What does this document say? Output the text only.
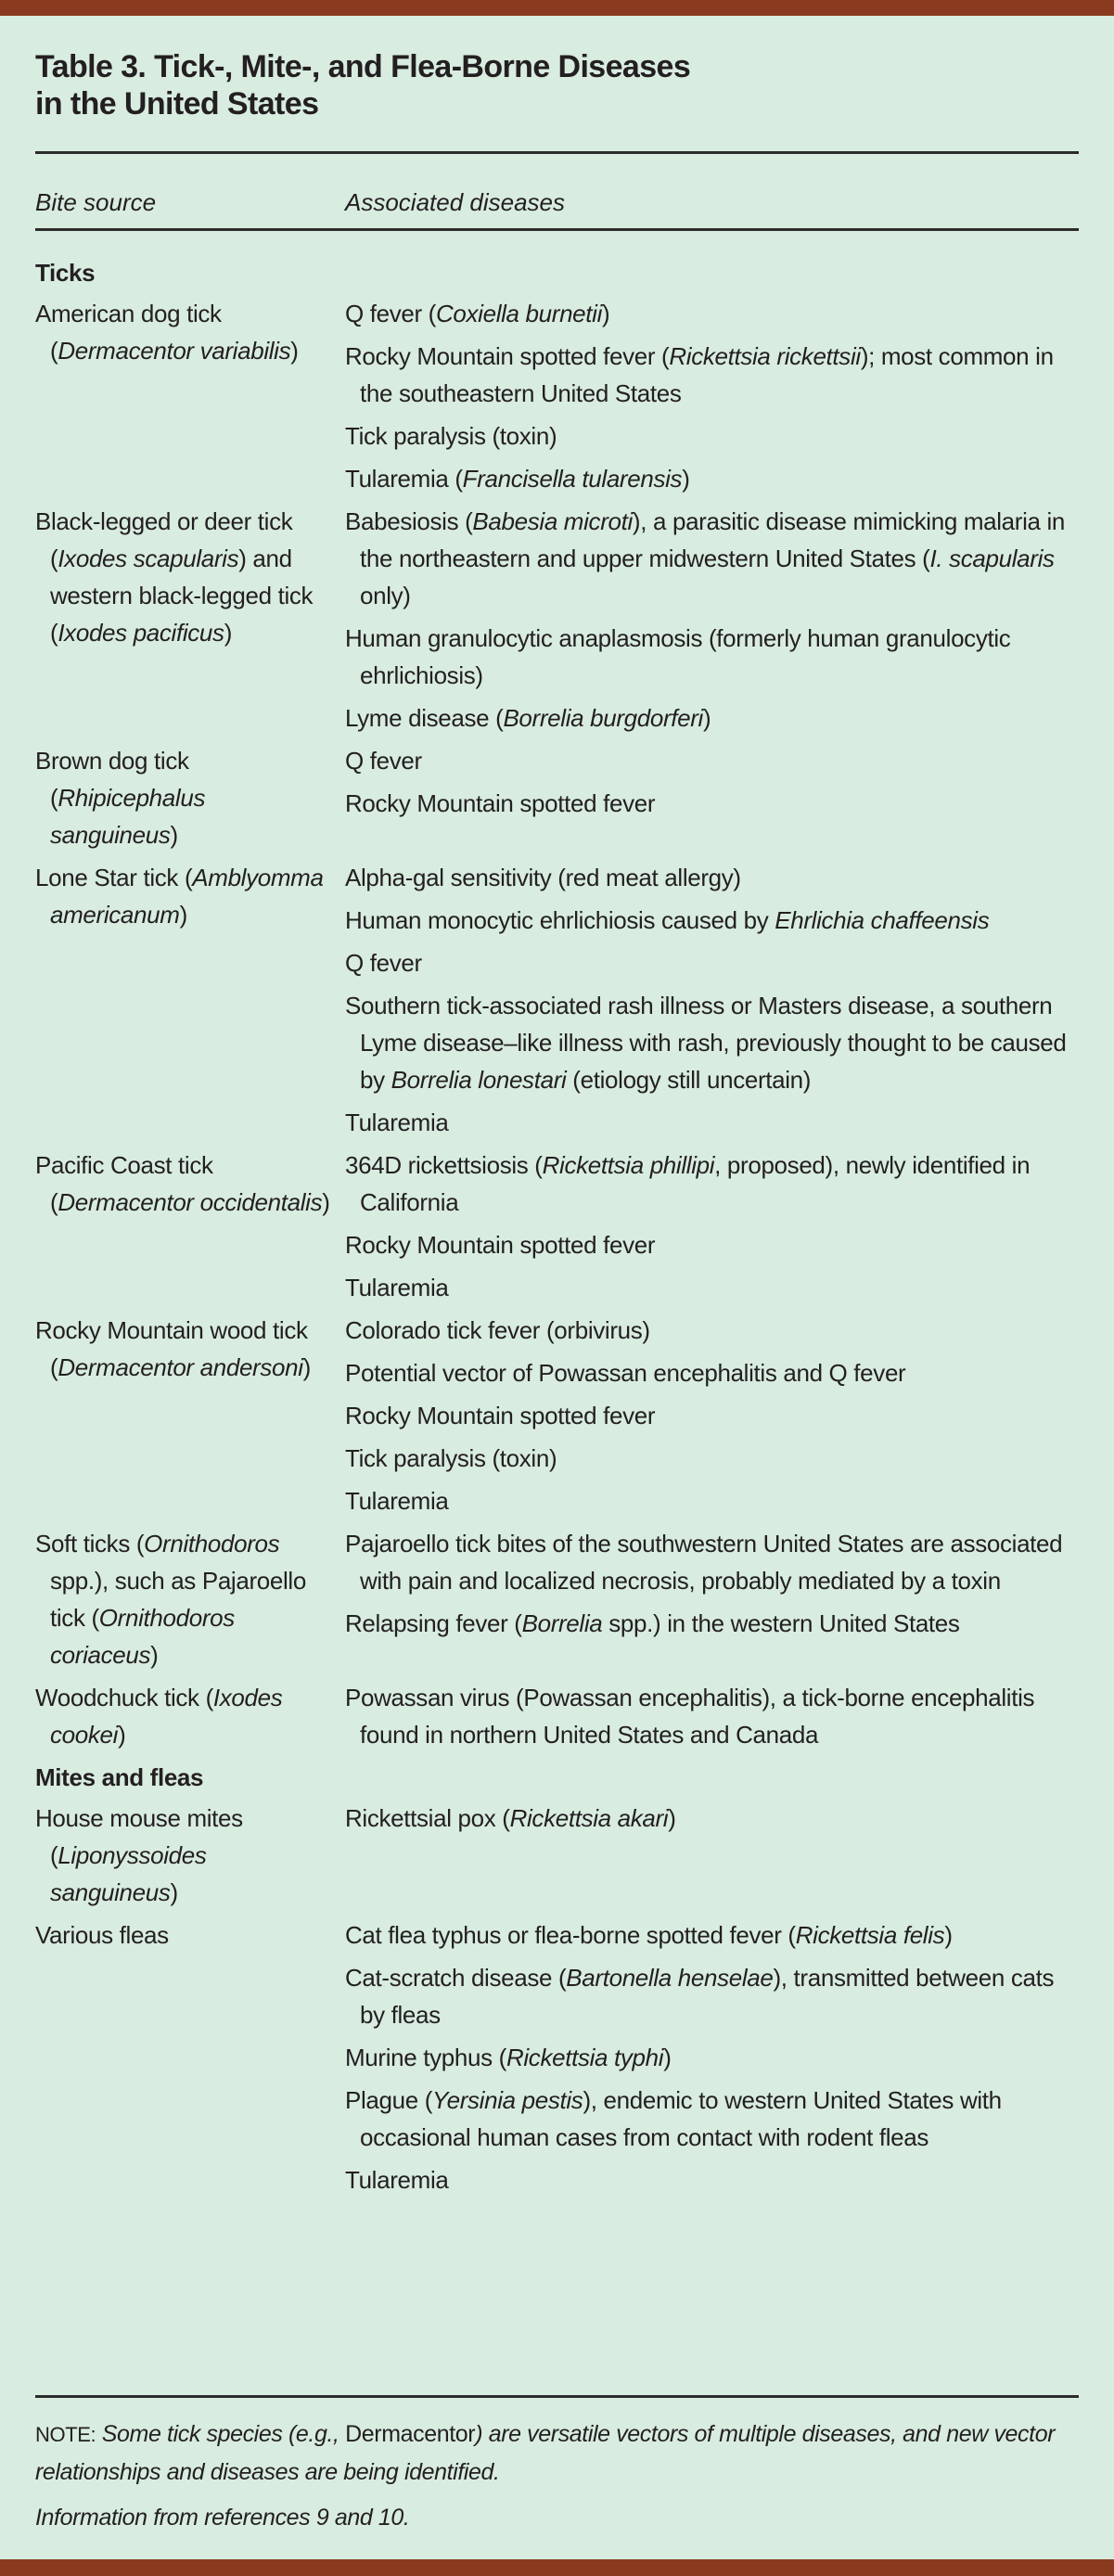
Table 3. Tick-, Mite-, and Flea-Borne Diseases
in the United States
Bite source	Associated diseases
Ticks
American dog tick (Dermacentor variabilis)
Q fever (Coxiella burnetii)
Rocky Mountain spotted fever (Rickettsia rickettsii); most common in the southeastern United States
Tick paralysis (toxin)
Tularemia (Francisella tularensis)
Black-legged or deer tick (Ixodes scapularis) and western black-legged tick (Ixodes pacificus)
Babesiosis (Babesia microti), a parasitic disease mimicking malaria in the northeastern and upper midwestern United States (I. scapularis only)
Human granulocytic anaplasmosis (formerly human granulocytic ehrlichiosis)
Lyme disease (Borrelia burgdorferi)
Brown dog tick (Rhipicephalus sanguineus)
Q fever
Rocky Mountain spotted fever
Lone Star tick (Amblyomma americanum)
Alpha-gal sensitivity (red meat allergy)
Human monocytic ehrlichiosis caused by Ehrlichia chaffeensis
Q fever
Southern tick-associated rash illness or Masters disease, a southern Lyme disease–like illness with rash, previously thought to be caused by Borrelia lonestari (etiology still uncertain)
Tularemia
Pacific Coast tick (Dermacentor occidentalis)
364D rickettsiosis (Rickettsia phillipi, proposed), newly identified in California
Rocky Mountain spotted fever
Tularemia
Rocky Mountain wood tick (Dermacentor andersoni)
Colorado tick fever (orbivirus)
Potential vector of Powassan encephalitis and Q fever
Rocky Mountain spotted fever
Tick paralysis (toxin)
Tularemia
Soft ticks (Ornithodoros spp.), such as Pajaroello tick (Ornithodoros coriaceus)
Pajaroello tick bites of the southwestern United States are associated with pain and localized necrosis, probably mediated by a toxin
Relapsing fever (Borrelia spp.) in the western United States
Woodchuck tick (Ixodes cookei)
Powassan virus (Powassan encephalitis), a tick-borne encephalitis found in northern United States and Canada
Mites and fleas
House mouse mites (Liponyssoides sanguineus)
Rickettsial pox (Rickettsia akari)
Various fleas	Cat flea typhus or flea-borne spotted fever (Rickettsia felis)
Cat-scratch disease (Bartonella henselae), transmitted between cats by fleas
Murine typhus (Rickettsia typhi)
Plague (Yersinia pestis), endemic to western United States with occasional human cases from contact with rodent fleas
Tularemia
NOTE: Some tick species (e.g., Dermacentor) are versatile vectors of multiple diseases, and new vector relationships and diseases are being identified.
Information from references 9 and 10.
